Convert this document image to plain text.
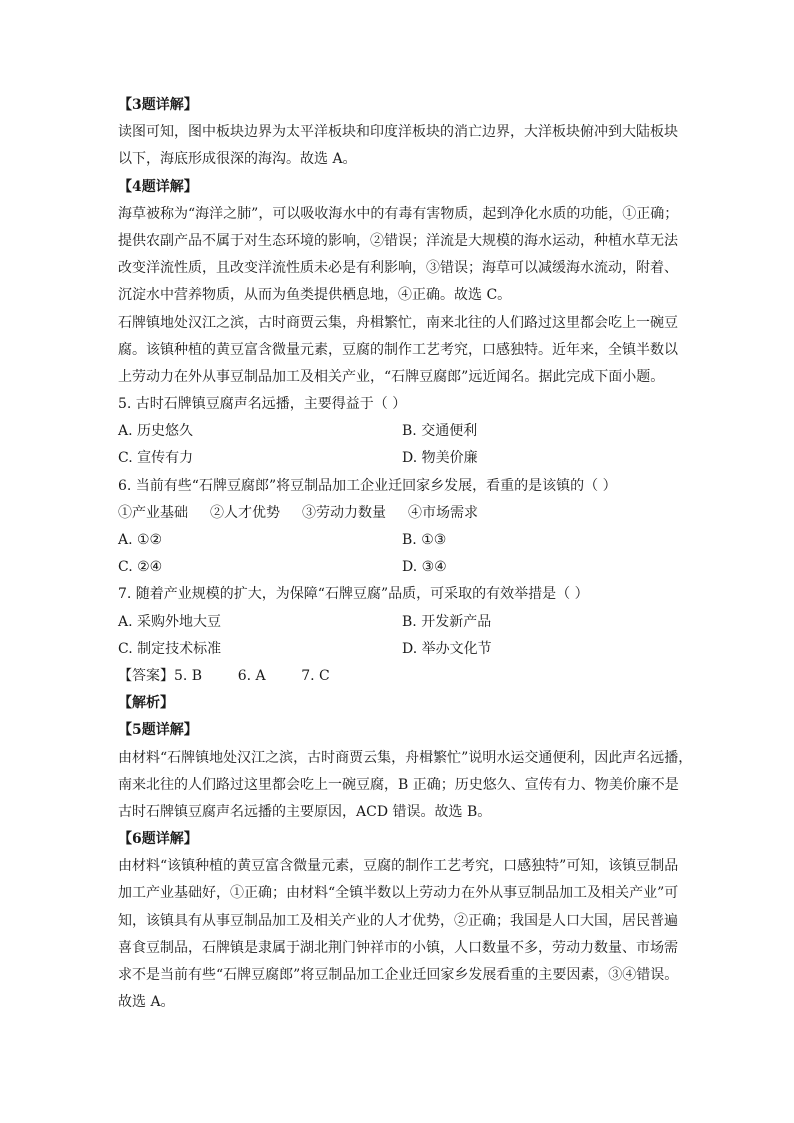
【3题详解】
读图可知，图中板块边界为太平洋板块和印度洋板块的消亡边界，大洋板块俯冲到大陆板块
以下，海底形成很深的海沟。故选 A。
【4题详解】
海草被称为“海洋之肺”，可以吸收海水中的有毒有害物质，起到净化水质的功能，①正确；
提供农副产品不属于对生态环境的影响，②错误；洋流是大规模的海水运动，种植水草无法
改变洋流性质，且改变洋流性质未必是有利影响，③错误；海草可以减缓海水流动，附着、
沉淀水中营养物质，从而为鱼类提供栖息地，④正确。故选 C。
石牌镇地处汉江之滨，古时商贾云集，舟楫繁忙，南来北往的人们路过这里都会吃上一碗豆
腐。该镇种植的黄豆富含微量元素，豆腐的制作工艺考究，口感独特。近年来，全镇半数以
上劳动力在外从事豆制品加工及相关产业，“石牌豆腐郎”远近闻名。据此完成下面小题。
5. 古时石牌镇豆腐声名远播，主要得益于（ ）
A. 历史悠久	B. 交通便利
C. 宣传有力	D. 物美价廉
6. 当前有些“石牌豆腐郎”将豆制品加工企业迁回家乡发展，看重的是该镇的（ ）
①产业基础 ②人才优势 ③劳动力数量 ④市场需求
A. ①②	B. ①③
C. ②④	D. ③④
7. 随着产业规模的扩大，为保障“石牌豆腐”品质，可采取的有效举措是（ ）
A. 采购外地大豆	B. 开发新产品
C. 制定技术标准	D. 举办文化节
【答案】5. B        6. A        7. C
【解析】
【5题详解】
由材料“石牌镇地处汉江之滨，古时商贾云集，舟楫繁忙”说明水运交通便利，因此声名远播，
南来北往的人们路过这里都会吃上一碗豆腐，B 正确；历史悠久、宣传有力、物美价廉不是
古时石牌镇豆腐声名远播的主要原因，ACD 错误。故选 B。
【6题详解】
由材料“该镇种植的黄豆富含微量元素，豆腐的制作工艺考究，口感独特”可知，该镇豆制品
加工产业基础好，①正确；由材料“全镇半数以上劳动力在外从事豆制品加工及相关产业”可
知，该镇具有从事豆制品加工及相关产业的人才优势，②正确；我国是人口大国，居民普遍
喜食豆制品，石牌镇是隶属于湖北荆门钟祥市的小镇，人口数量不多，劳动力数量、市场需
求不是当前有些“石牌豆腐郎”将豆制品加工企业迁回家乡发展看重的主要因素，③④错误。
故选 A。
